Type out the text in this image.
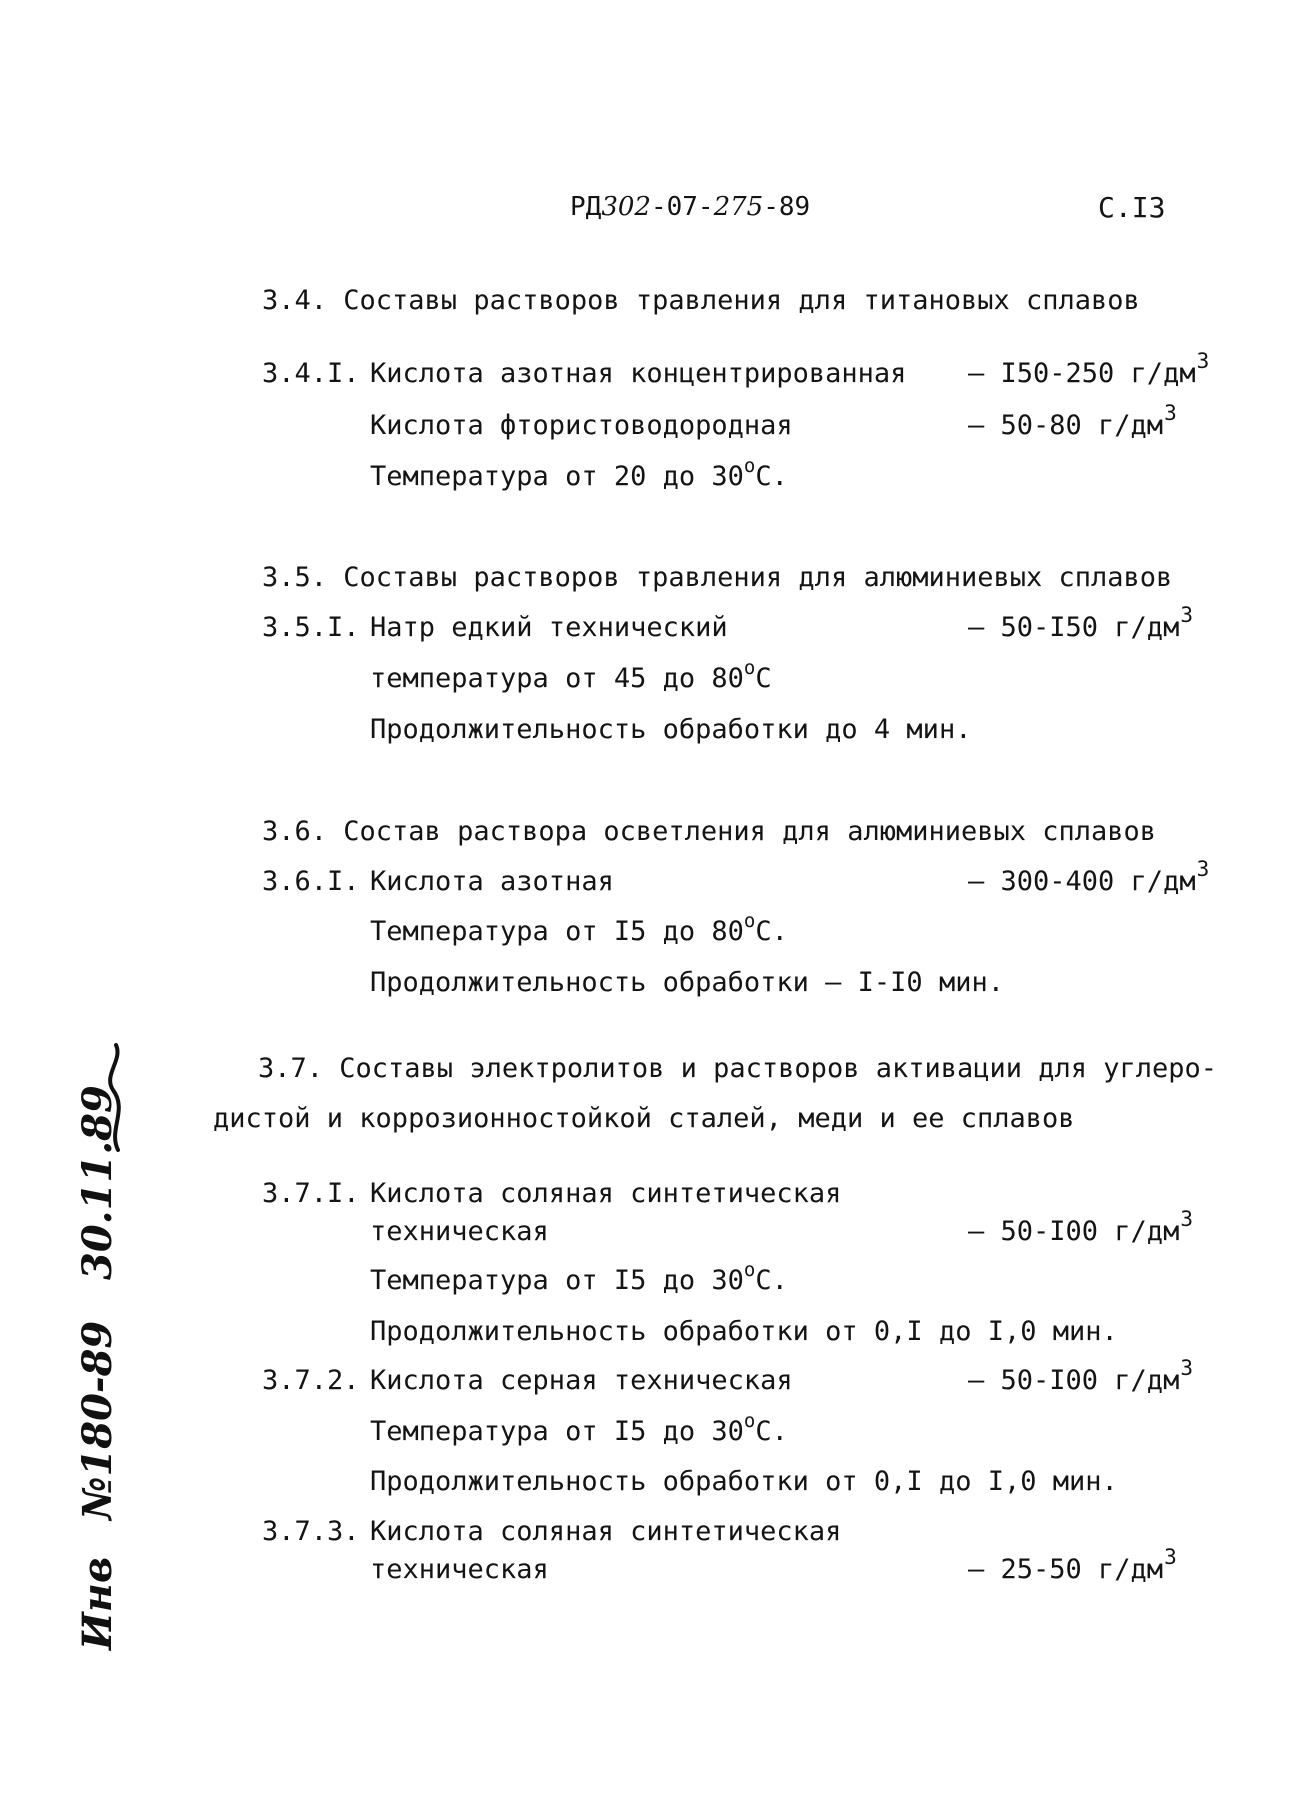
РД302-07-275-89	С.I3
3.4. Составы растворов травления для титановых сплавов
3.4.I. Кислота азотная концентрированная – I50-250 $г/дм^3$
Кислота фтористоводородная	– 50-80 $г/дм^3$
Температура от 20 до 30$^o$С.
3.5. Составы растворов травления для алюминиевых сплавов
3.5.I. Натр едкий технический	– 50-I50 $г/дм^3$
температура от 45 до 80$^o$С
Продолжительность обработки до 4 мин.
3.6. Состав раствора осветления для алюминиевых сплавов
3.6.I. Кислота азотная	– 300-400 $г/дм^3$
Температура от I5 до 80$^o$С.
Продолжительность обработки – I-I0 мин.
3.7. Составы электролитов и растворов активации для углеро-
дистой и коррозионностойкой сталей, меди и ее сплавов
3.7.I. Кислота соляная синтетическая
техническая	– 50-I00 $г/дм^3$
Температура от I5 до 30$^o$С.
Продолжительность обработки от 0,I до I,0 мин.
3.7.2. Кислота серная техническая	– 50-I00 $г/дм^3$
Температура от I5 до 30$^o$С.
Продолжительность обработки от 0,I до I,0 мин.
3.7.3. Кислота соляная синтетическая
техническая	– 25-50 $г/дм^3$
Инв
№180-89
30.11.89
